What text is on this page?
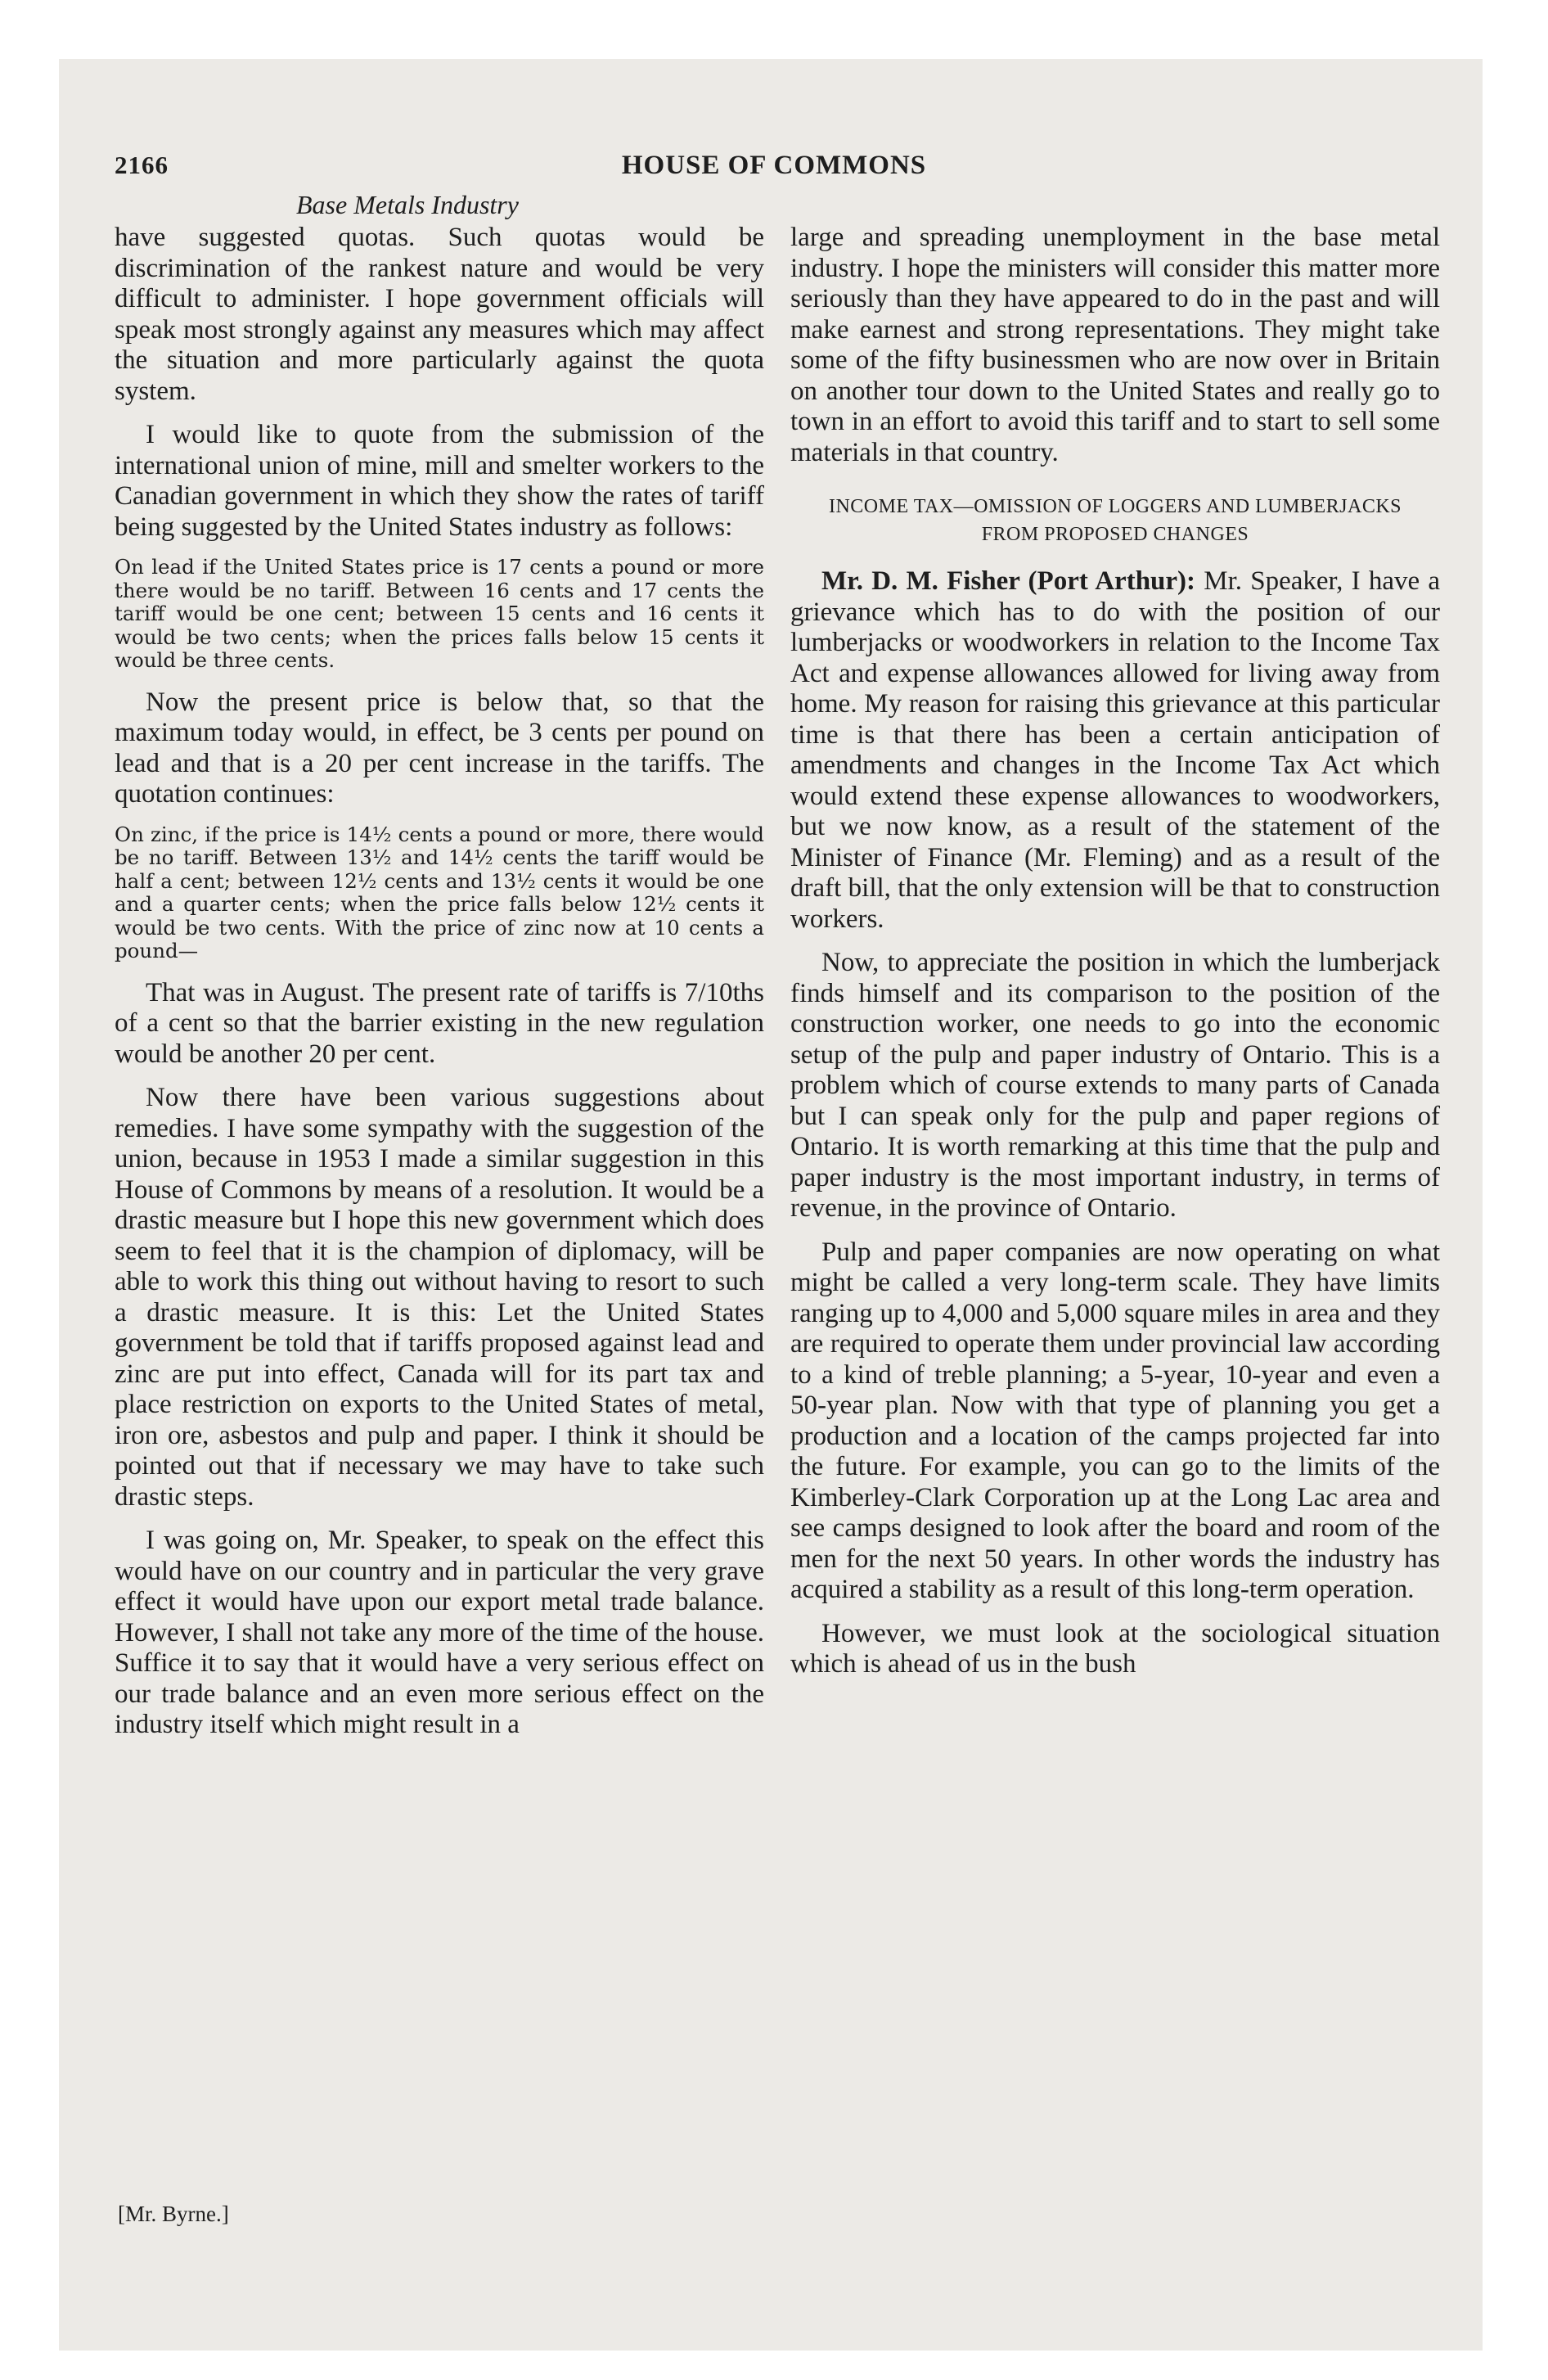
2166	HOUSE OF COMMONS
Base Metals Industry

have suggested quotas. Such quotas would be discrimination of the rankest nature and would be very difficult to administer. I hope government officials will speak most strongly against any measures which may affect the situation and more particularly against the quota system.

I would like to quote from the submission of the international union of mine, mill and smelter workers to the Canadian government in which they show the rates of tariff being suggested by the United States industry as follows:

On lead if the United States price is 17 cents a pound or more there would be no tariff. Between 16 cents and 17 cents the tariff would be one cent; between 15 cents and 16 cents it would be two cents; when the prices falls below 15 cents it would be three cents.

Now the present price is below that, so that the maximum today would, in effect, be 3 cents per pound on lead and that is a 20 per cent increase in the tariffs. The quotation continues:

On zinc, if the price is 14½ cents a pound or more, there would be no tariff. Between 13½ and 14½ cents the tariff would be half a cent; between 12½ cents and 13½ cents it would be one and a quarter cents; when the price falls below 12½ cents it would be two cents. With the price of zinc now at 10 cents a pound—

That was in August. The present rate of tariffs is 7/10ths of a cent so that the barrier existing in the new regulation would be another 20 per cent.

Now there have been various suggestions about remedies. I have some sympathy with the suggestion of the union, because in 1953 I made a similar suggestion in this House of Commons by means of a resolution. It would be a drastic measure but I hope this new government which does seem to feel that it is the champion of diplomacy, will be able to work this thing out without having to resort to such a drastic measure. It is this: Let the United States government be told that if tariffs proposed against lead and zinc are put into effect, Canada will for its part tax and place restriction on exports to the United States of metal, iron ore, asbestos and pulp and paper. I think it should be pointed out that if necessary we may have to take such drastic steps.

I was going on, Mr. Speaker, to speak on the effect this would have on our country and in particular the very grave effect it would have upon our export metal trade balance. However, I shall not take any more of the time of the house. Suffice it to say that it would have a very serious effect on our trade balance and an even more serious effect on the industry itself which might result in a

large and spreading unemployment in the base metal industry. I hope the ministers will consider this matter more seriously than they have appeared to do in the past and will make earnest and strong representations. They might take some of the fifty businessmen who are now over in Britain on another tour down to the United States and really go to town in an effort to avoid this tariff and to start to sell some materials in that country.

INCOME TAX—OMISSION OF LOGGERS AND LUMBERJACKS FROM PROPOSED CHANGES

Mr. D. M. Fisher (Port Arthur): Mr. Speaker, I have a grievance which has to do with the position of our lumberjacks or woodworkers in relation to the Income Tax Act and expense allowances allowed for living away from home. My reason for raising this grievance at this particular time is that there has been a certain anticipation of amendments and changes in the Income Tax Act which would extend these expense allowances to woodworkers, but we now know, as a result of the statement of the Minister of Finance (Mr. Fleming) and as a result of the draft bill, that the only extension will be that to construction workers.

Now, to appreciate the position in which the lumberjack finds himself and its comparison to the position of the construction worker, one needs to go into the economic setup of the pulp and paper industry of Ontario. This is a problem which of course extends to many parts of Canada but I can speak only for the pulp and paper regions of Ontario. It is worth remarking at this time that the pulp and paper industry is the most important industry, in terms of revenue, in the province of Ontario.

Pulp and paper companies are now operating on what might be called a very long-term scale. They have limits ranging up to 4,000 and 5,000 square miles in area and they are required to operate them under provincial law according to a kind of treble planning; a 5-year, 10-year and even a 50-year plan. Now with that type of planning you get a production and a location of the camps projected far into the future. For example, you can go to the limits of the Kimberley-Clark Corporation up at the Long Lac area and see camps designed to look after the board and room of the men for the next 50 years. In other words the industry has acquired a stability as a result of this long-term operation.

However, we must look at the sociological situation which is ahead of us in the bush

[Mr. Byrne.]
